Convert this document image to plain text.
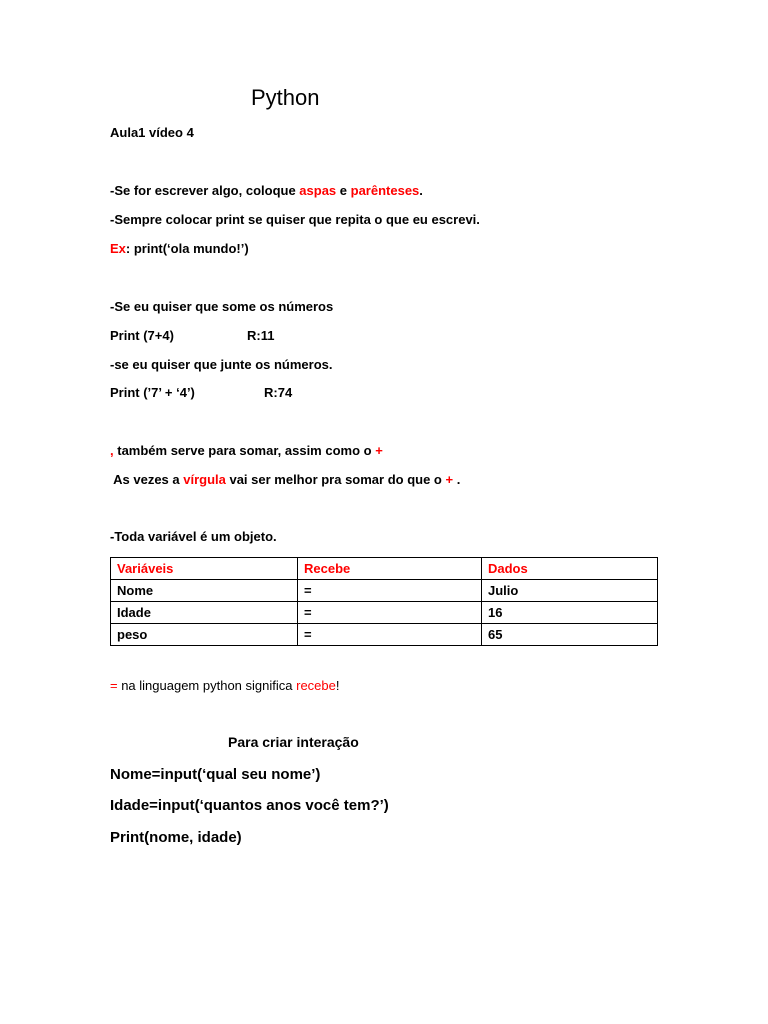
Python
Aula1 vídeo 4
-Se for escrever algo, coloque aspas e parênteses.
-Sempre colocar print se quiser que repita o que eu escrevi.
Ex: print(‘ola mundo!’)
-Se eu quiser que some os números
Print (7+4)	R:11
-se eu quiser que junte os números.
Print (’7’ + ‘4’)	R:74
, também serve para somar, assim como o +
As vezes a vírgula vai ser melhor pra somar do que o + .
-Toda variável é um objeto.
Variáveis	Recebe	Dados
Nome	=	Julio
Idade	=	16
peso	=	65
= na linguagem python significa recebe!
Para criar interação
Nome=input(‘qual seu nome’)
Idade=input(‘quantos anos você tem?’)
Print(nome, idade)
